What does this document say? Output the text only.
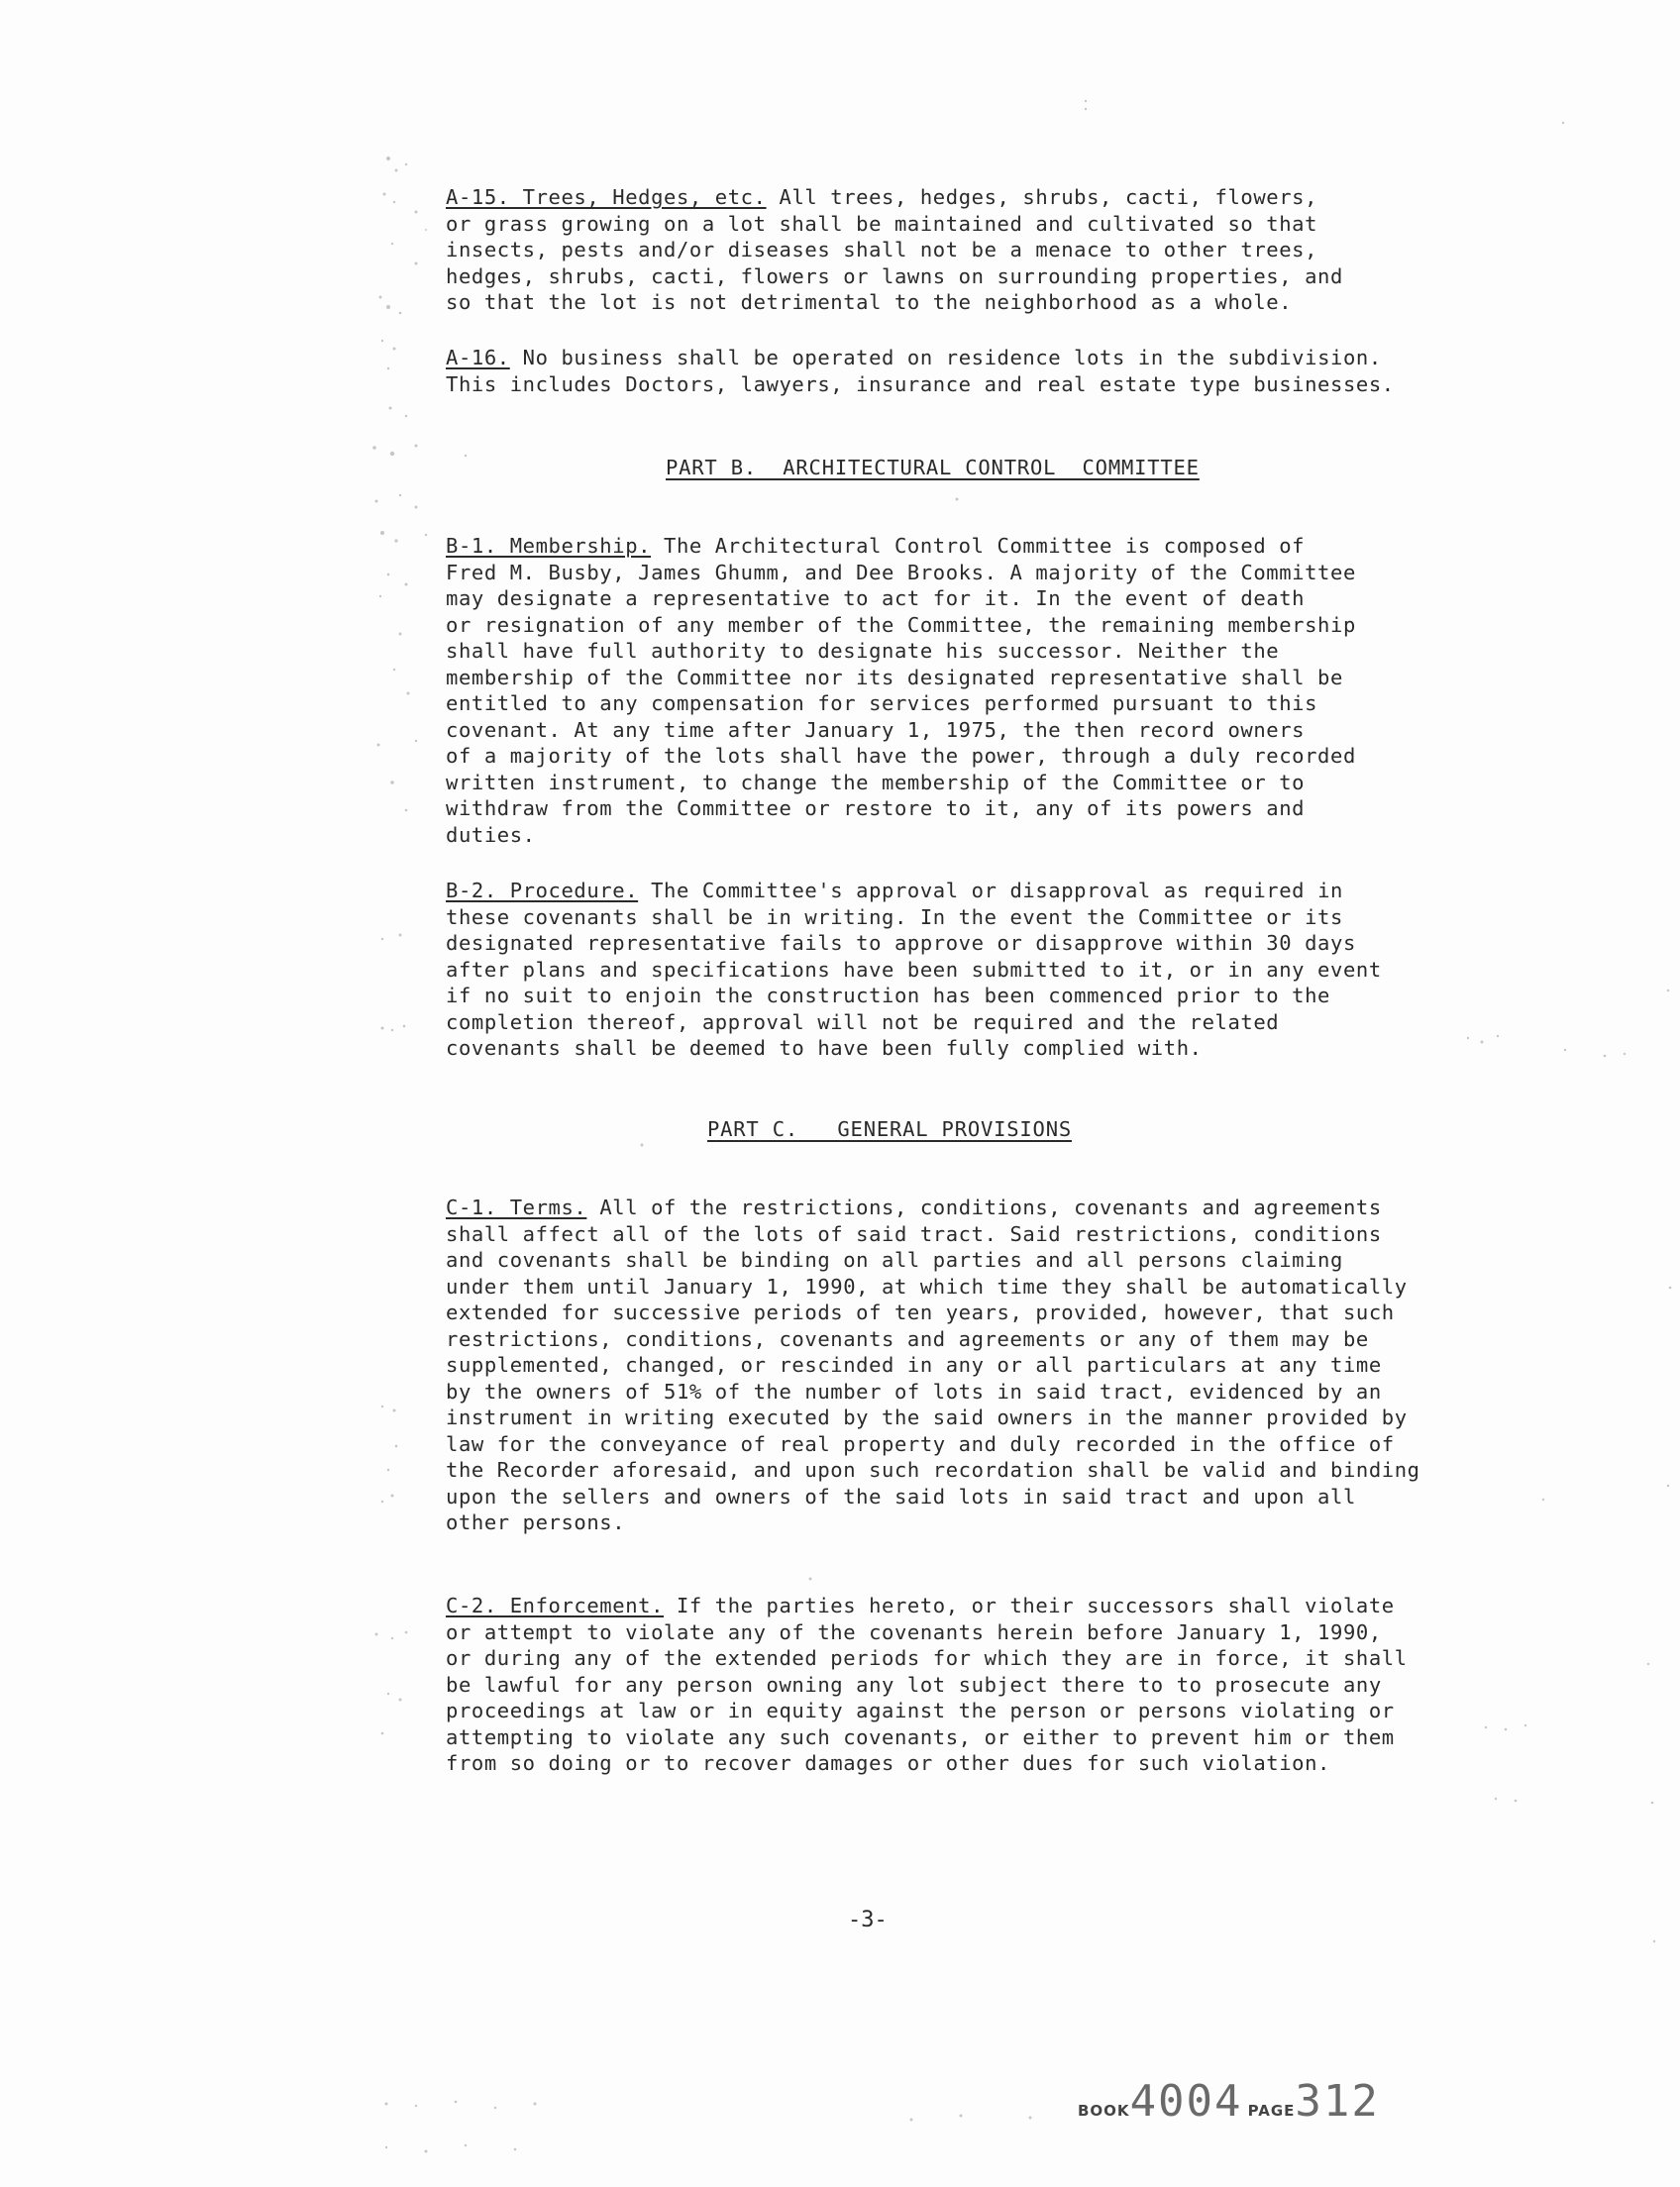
A-15. Trees, Hedges, etc. All trees, hedges, shrubs, cacti, flowers,
or grass growing on a lot shall be maintained and cultivated so that
insects, pests and/or diseases shall not be a menace to other trees,
hedges, shrubs, cacti, flowers or lawns on surrounding properties, and
so that the lot is not detrimental to the neighborhood as a whole.
A-16. No business shall be operated on residence lots in the subdivision.
This includes Doctors, lawyers, insurance and real estate type businesses.
PART B.  ARCHITECTURAL CONTROL  COMMITTEE
B-1. Membership. The Architectural Control Committee is composed of
Fred M. Busby, James Ghumm, and Dee Brooks. A majority of the Committee
may designate a representative to act for it. In the event of death
or resignation of any member of the Committee, the remaining membership
shall have full authority to designate his successor. Neither the
membership of the Committee nor its designated representative shall be
entitled to any compensation for services performed pursuant to this
covenant. At any time after January 1, 1975, the then record owners
of a majority of the lots shall have the power, through a duly recorded
written instrument, to change the membership of the Committee or to
withdraw from the Committee or restore to it, any of its powers and
duties.
B-2. Procedure. The Committee's approval or disapproval as required in
these covenants shall be in writing. In the event the Committee or its
designated representative fails to approve or disapprove within 30 days
after plans and specifications have been submitted to it, or in any event
if no suit to enjoin the construction has been commenced prior to the
completion thereof, approval will not be required and the related
covenants shall be deemed to have been fully complied with.
PART C.   GENERAL PROVISIONS
C-1. Terms. All of the restrictions, conditions, covenants and agreements
shall affect all of the lots of said tract. Said restrictions, conditions
and covenants shall be binding on all parties and all persons claiming
under them until January 1, 1990, at which time they shall be automatically
extended for successive periods of ten years, provided, however, that such
restrictions, conditions, covenants and agreements or any of them may be
supplemented, changed, or rescinded in any or all particulars at any time
by the owners of 51% of the number of lots in said tract, evidenced by an
instrument in writing executed by the said owners in the manner provided by
law for the conveyance of real property and duly recorded in the office of
the Recorder aforesaid, and upon such recordation shall be valid and binding
upon the sellers and owners of the said lots in said tract and upon all
other persons.
C-2. Enforcement. If the parties hereto, or their successors shall violate
or attempt to violate any of the covenants herein before January 1, 1990,
or during any of the extended periods for which they are in force, it shall
be lawful for any person owning any lot subject there to to prosecute any
proceedings at law or in equity against the person or persons violating or
attempting to violate any such covenants, or either to prevent him or them
from so doing or to recover damages or other dues for such violation.
-3-
BOOK4004 PAGE312
